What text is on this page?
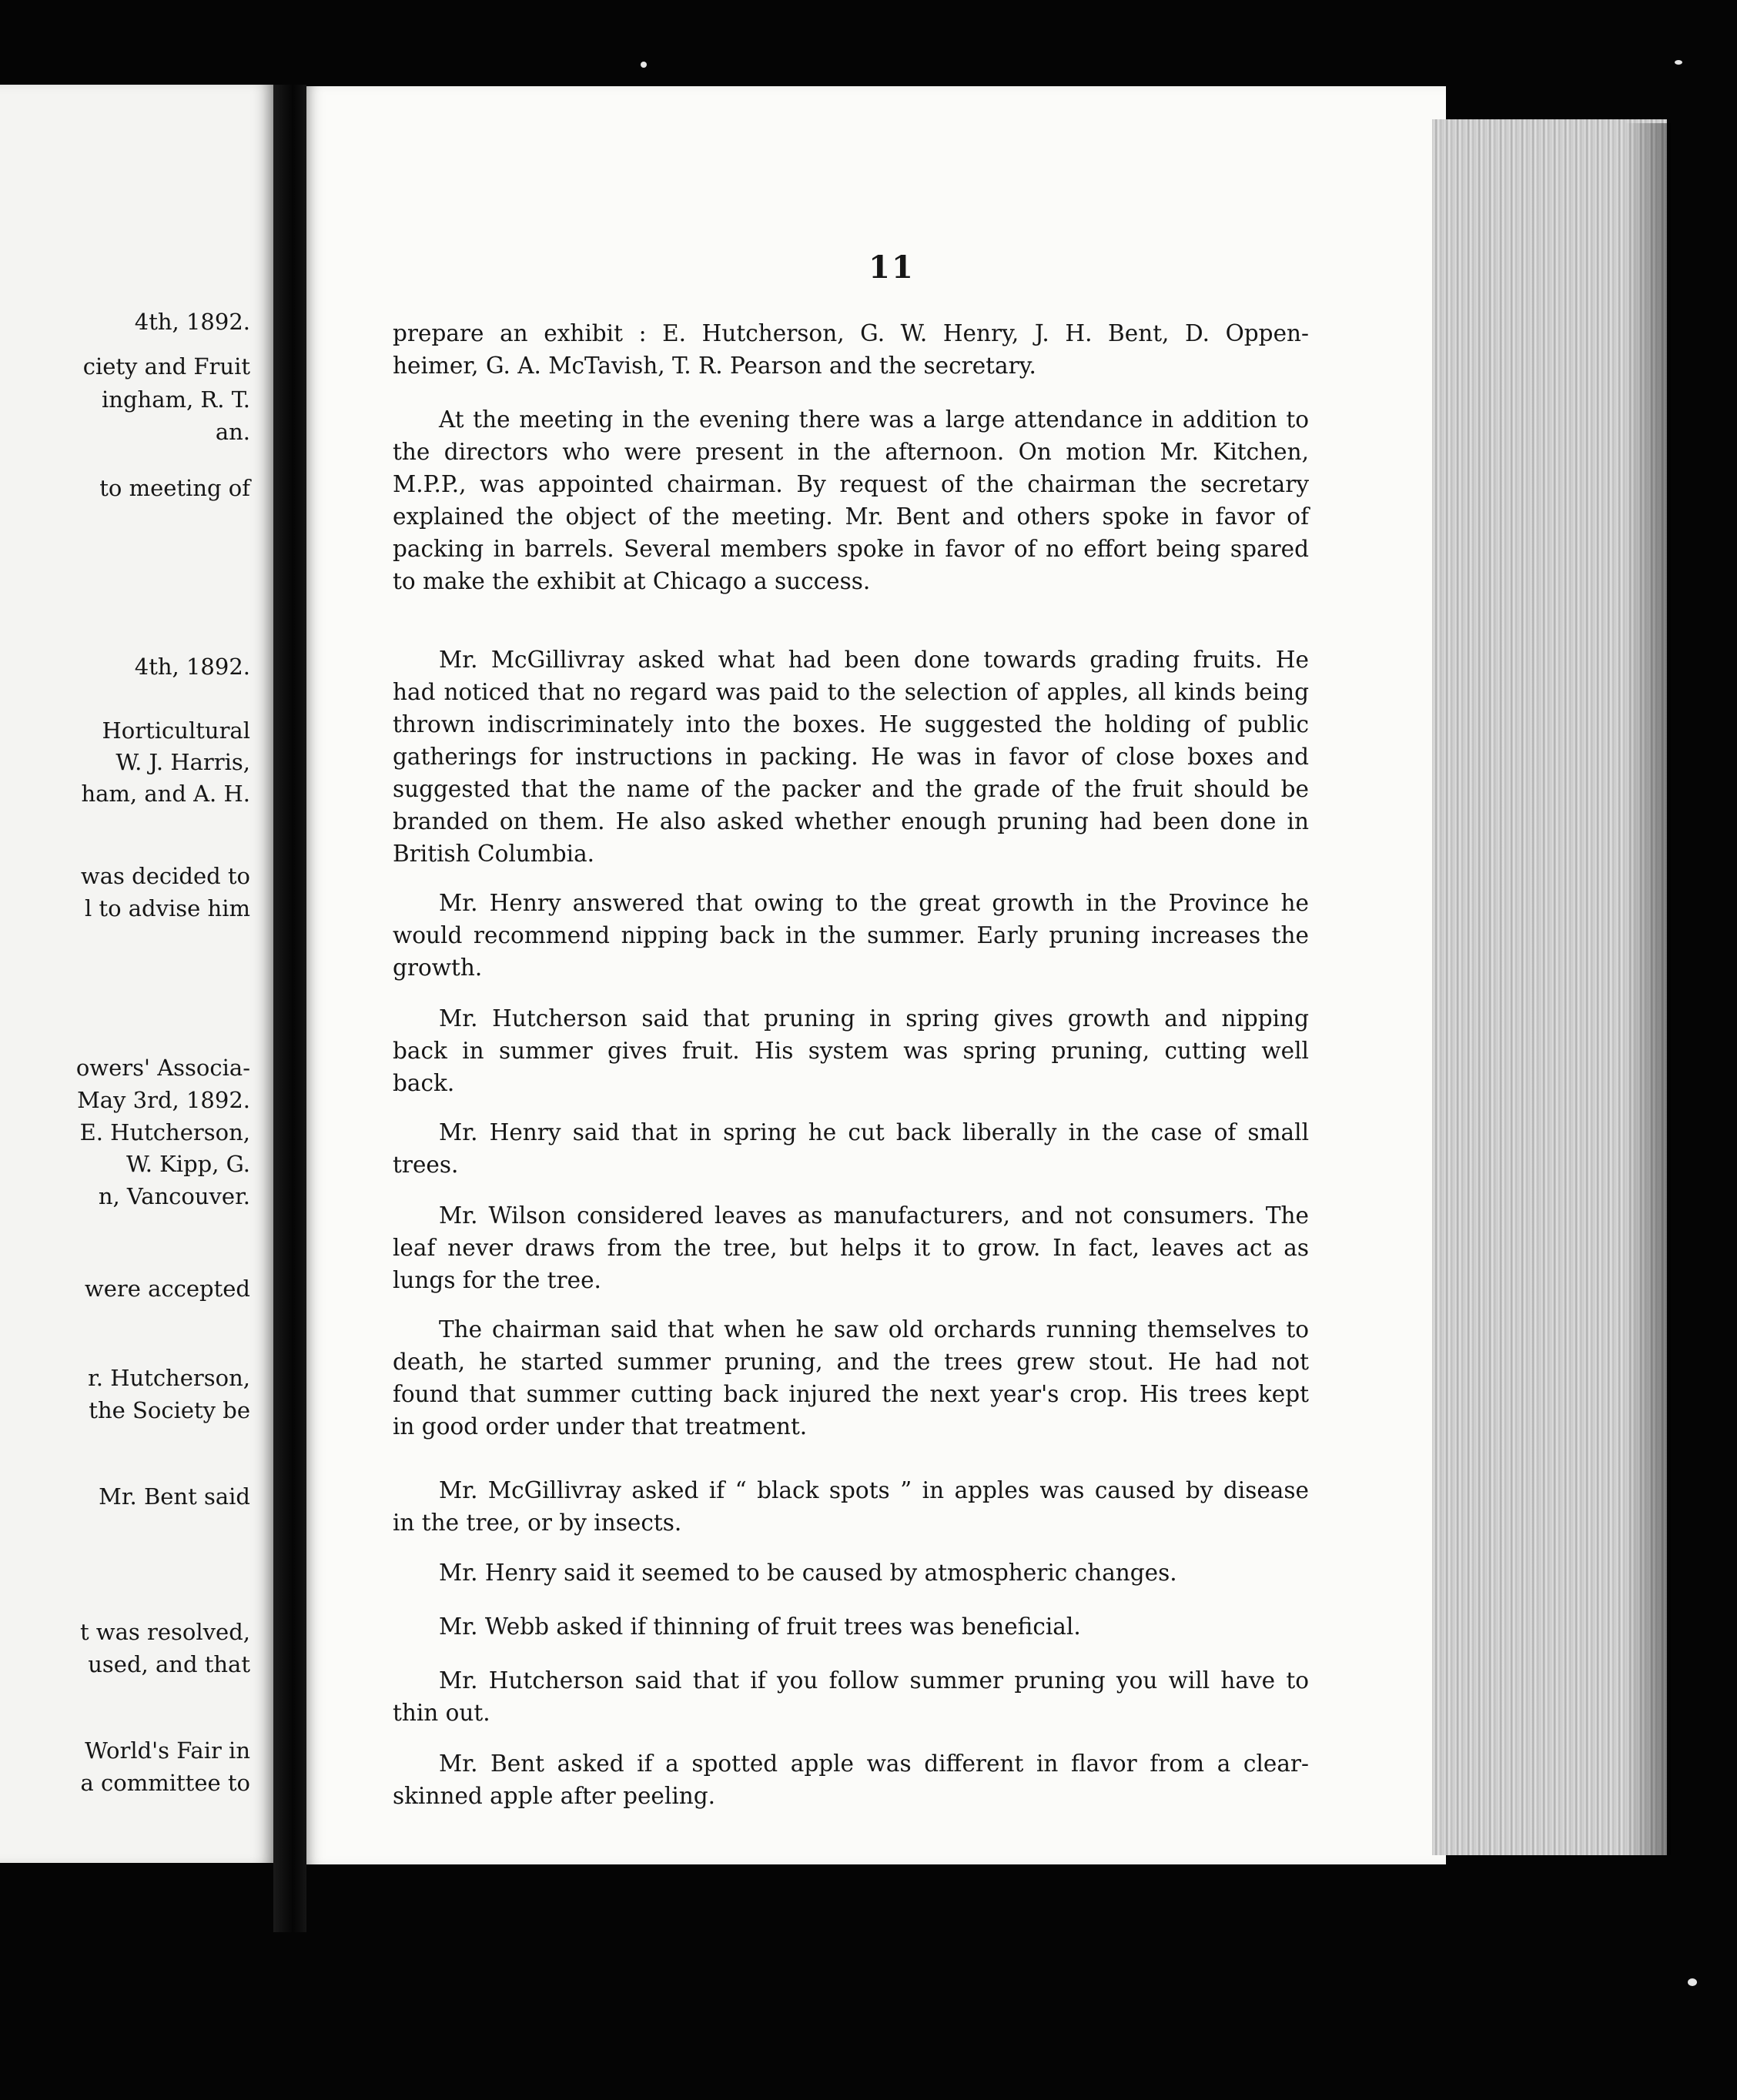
4th, 1892.
ciety and Fruit
ingham, R. T.
an.
to meeting of
4th, 1892.
Horticultural
W. J. Harris,
ham, and A. H.
was decided to
l to advise him
owers' Associa-
May 3rd, 1892.
E. Hutcherson,
W. Kipp, G.
n, Vancouver.
were accepted
r. Hutcherson,
the Society be
Mr. Bent said
t was resolved,
used, and that
World's Fair in
a committee to
11
prepare an exhibit : E. Hutcherson, G. W. Henry, J. H. Bent, D. Oppen-
heimer, G. A. McTavish, T. R. Pearson and the secretary.
At the meeting in the evening there was a large attendance in addition to
the directors who were present in the afternoon. On motion Mr. Kitchen,
M.P.P., was appointed chairman. By request of the chairman the secretary
explained the object of the meeting. Mr. Bent and others spoke in favor of
packing in barrels. Several members spoke in favor of no effort being spared
to make the exhibit at Chicago a success.
Mr. McGillivray asked what had been done towards grading fruits. He
had noticed that no regard was paid to the selection of apples, all kinds being
thrown indiscriminately into the boxes. He suggested the holding of public
gatherings for instructions in packing. He was in favor of close boxes and
suggested that the name of the packer and the grade of the fruit should be
branded on them. He also asked whether enough pruning had been done in
British Columbia.
Mr. Henry answered that owing to the great growth in the Province he
would recommend nipping back in the summer. Early pruning increases the
growth.
Mr. Hutcherson said that pruning in spring gives growth and nipping
back in summer gives fruit. His system was spring pruning, cutting well
back.
Mr. Henry said that in spring he cut back liberally in the case of small
trees.
Mr. Wilson considered leaves as manufacturers, and not consumers. The
leaf never draws from the tree, but helps it to grow. In fact, leaves act as
lungs for the tree.
The chairman said that when he saw old orchards running themselves to
death, he started summer pruning, and the trees grew stout. He had not
found that summer cutting back injured the next year's crop. His trees kept
in good order under that treatment.
Mr. McGillivray asked if “ black spots ” in apples was caused by disease
in the tree, or by insects.
Mr. Henry said it seemed to be caused by atmospheric changes.
Mr. Webb asked if thinning of fruit trees was beneficial.
Mr. Hutcherson said that if you follow summer pruning you will have to
thin out.
Mr. Bent asked if a spotted apple was different in flavor from a clear-
skinned apple after peeling.
